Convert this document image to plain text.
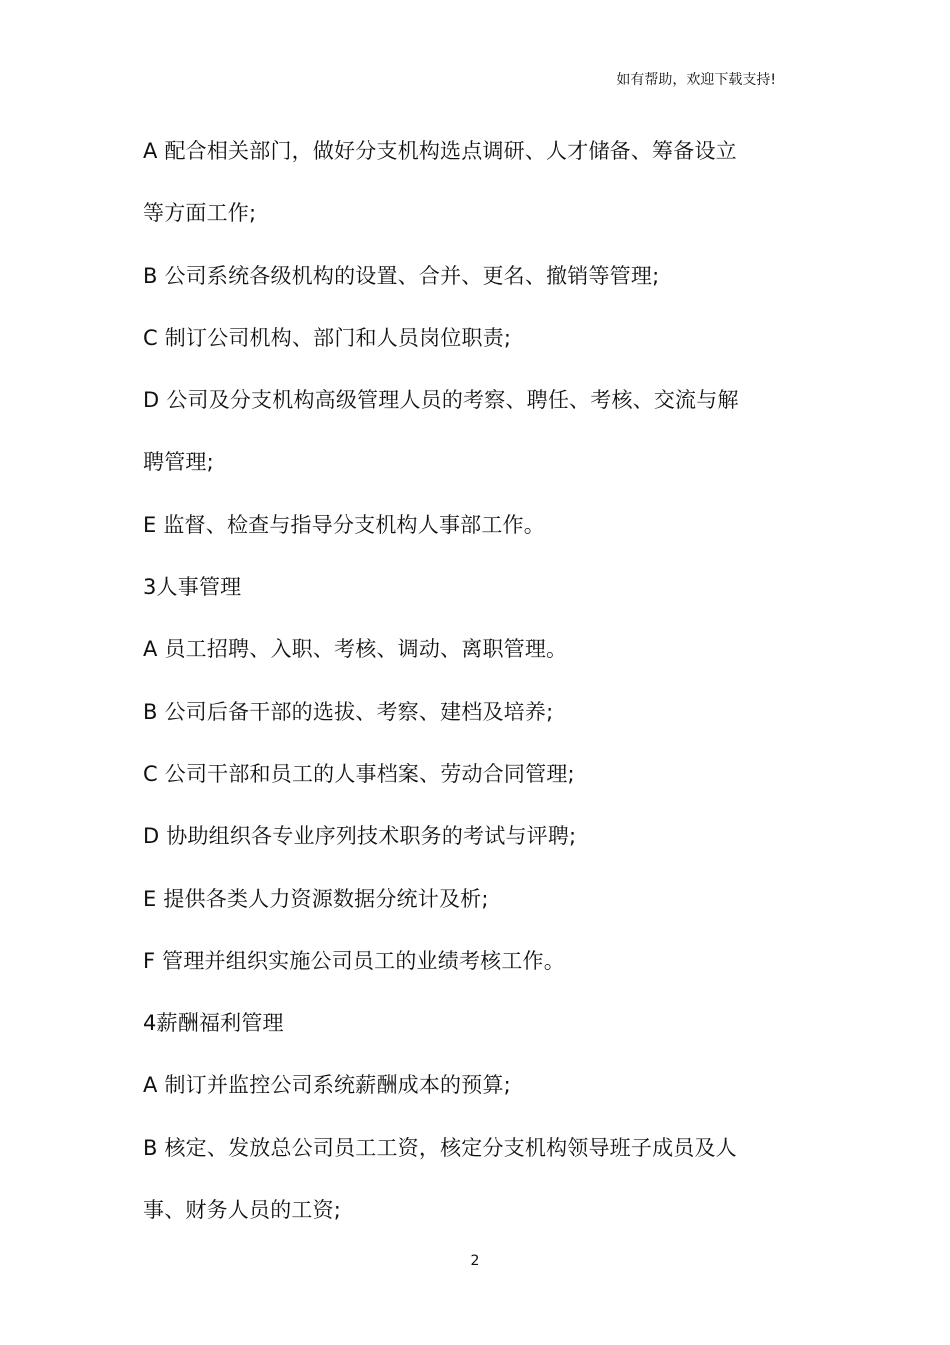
如有帮助，欢迎下载支持!

A 配合相关部门，做好分支机构选点调研、人才储备、筹备设立

等方面工作;

B 公司系统各级机构的设置、合并、更名、撤销等管理;

C 制订公司机构、部门和人员岗位职责;

D 公司及分支机构高级管理人员的考察、聘任、考核、交流与解

聘管理;

E 监督、检查与指导分支机构人事部工作。

3人事管理

A 员工招聘、入职、考核、调动、离职管理。

B 公司后备干部的选拔、考察、建档及培养;

C 公司干部和员工的人事档案、劳动合同管理;

D 协助组织各专业序列技术职务的考试与评聘;

E 提供各类人力资源数据分统计及析;

F 管理并组织实施公司员工的业绩考核工作。

4薪酬福利管理

A 制订并监控公司系统薪酬成本的预算;

B 核定、发放总公司员工工资，核定分支机构领导班子成员及人

事、财务人员的工资;

2
